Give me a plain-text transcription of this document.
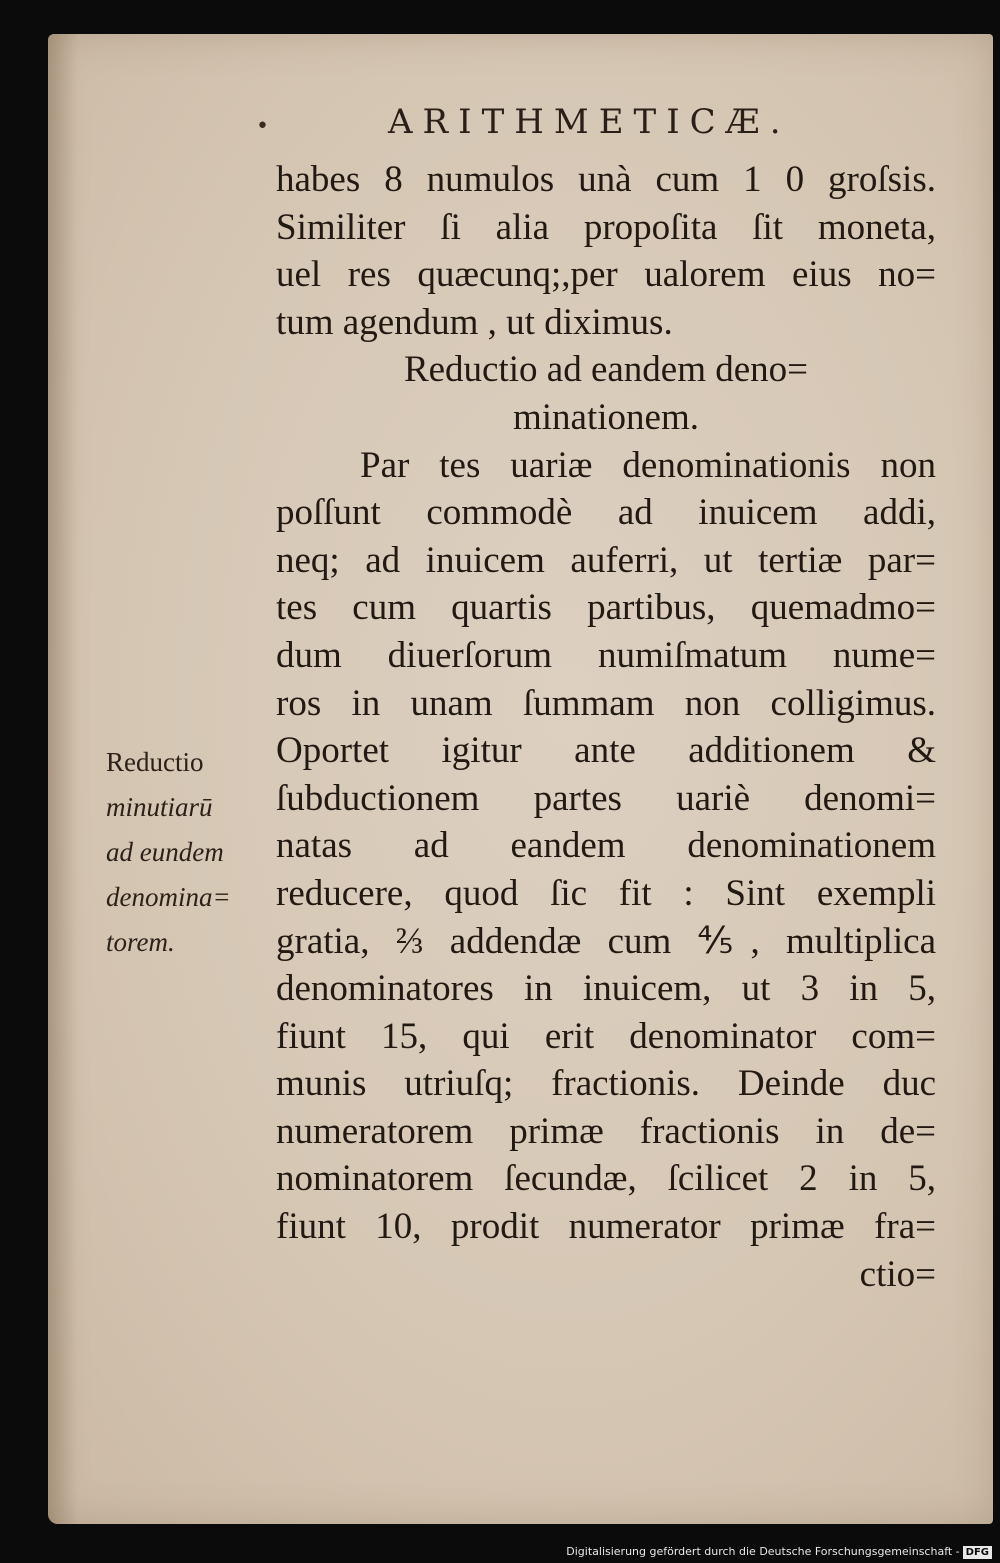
•	ARITHMETICÆ.
habes 8 numulos unà cum 1 0 groſsis.
Similiter ſi alia propoſita ſit moneta,
uel res quæcunq;,per ualorem eius no=
tum agendum , ut diximus.
Reductio ad eandem deno=
minationem.
Par tes uariæ denominationis non
poſſunt commodè ad inuicem addi,
neq; ad inuicem auferri, ut tertiæ par=
tes cum quartis partibus, quemadmo=
dum diuerſorum numiſmatum nume=
ros in unam ſummam non colligimus.
Oportet igitur ante additionem &
ſubductionem partes uariè denomi=
natas ad eandem denominationem
reducere, quod ſic fit : Sint exempli
gratia, ⅔ addendæ cum ⅘, multiplica
denominatores in inuicem, ut 3 in 5,
fiunt 15, qui erit denominator com=
munis utriuſq; fractionis. Deinde duc
numeratorem primæ fractionis in de=
nominatorem ſecundæ, ſcilicet 2 in 5,
fiunt 10, prodit numerator primæ fra=
ctio=
Reductio
minutiarū
ad eundem
denomina=
torem.
Digitalisierung gefördert durch die Deutsche Forschungsgemeinschaft - DFG
